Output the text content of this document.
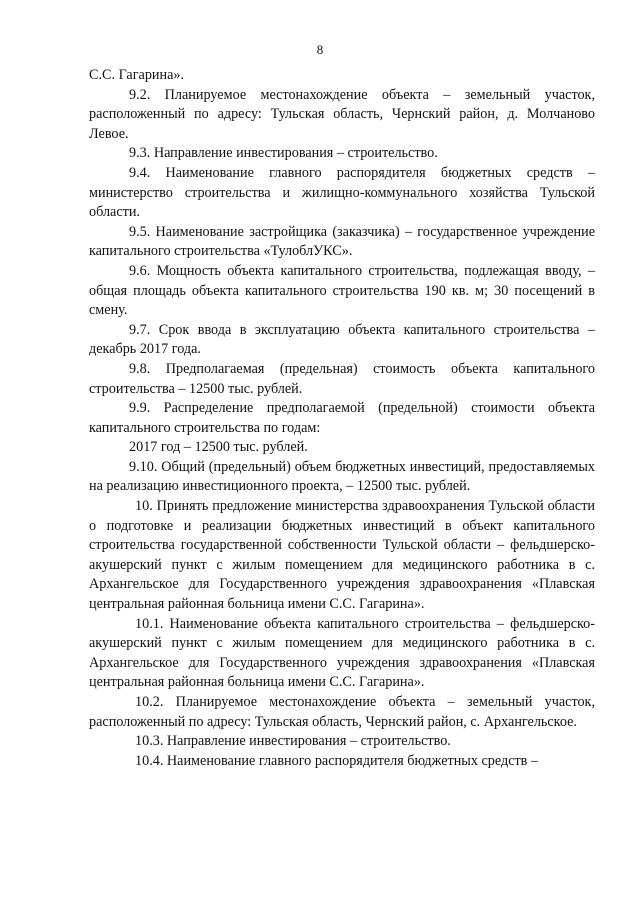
8

С.С. Гагарина».

9.2. Планируемое местонахождение объекта – земельный участок, расположенный по адресу: Тульская область, Чернский район, д. Молчаново Левое.

9.3. Направление инвестирования – строительство.

9.4. Наименование главного распорядителя бюджетных средств – министерство строительства и жилищно-коммунального хозяйства Тульской области.

9.5. Наименование застройщика (заказчика) – государственное учреждение капитального строительства «ТулоблУКС».

9.6. Мощность объекта капитального строительства, подлежащая вводу, – общая площадь объекта капитального строительства 190 кв. м; 30 посещений в смену.

9.7. Срок ввода в эксплуатацию объекта капитального строительства – декабрь 2017 года.

9.8. Предполагаемая (предельная) стоимость объекта капитального строительства – 12500 тыс. рублей.

9.9. Распределение предполагаемой (предельной) стоимости объекта капитального строительства по годам:

2017 год – 12500 тыс. рублей.

9.10. Общий (предельный) объем бюджетных инвестиций, предоставляемых на реализацию инвестиционного проекта, – 12500 тыс. рублей.

10. Принять предложение министерства здравоохранения Тульской области о подготовке и реализации бюджетных инвестиций в объект капитального строительства государственной собственности Тульской области – фельдшерско-акушерский пункт с жилым помещением для медицинского работника в с. Архангельское для Государственного учреждения здравоохранения «Плавская центральная районная больница имени С.С. Гагарина».

10.1. Наименование объекта капитального строительства – фельдшерско-акушерский пункт с жилым помещением для медицинского работника в с. Архангельское для Государственного учреждения здравоохранения «Плавская центральная районная больница имени С.С. Гагарина».

10.2. Планируемое местонахождение объекта – земельный участок, расположенный по адресу: Тульская область, Чернский район, с. Архангельское.

10.3. Направление инвестирования – строительство.

10.4. Наименование главного распорядителя бюджетных средств –
